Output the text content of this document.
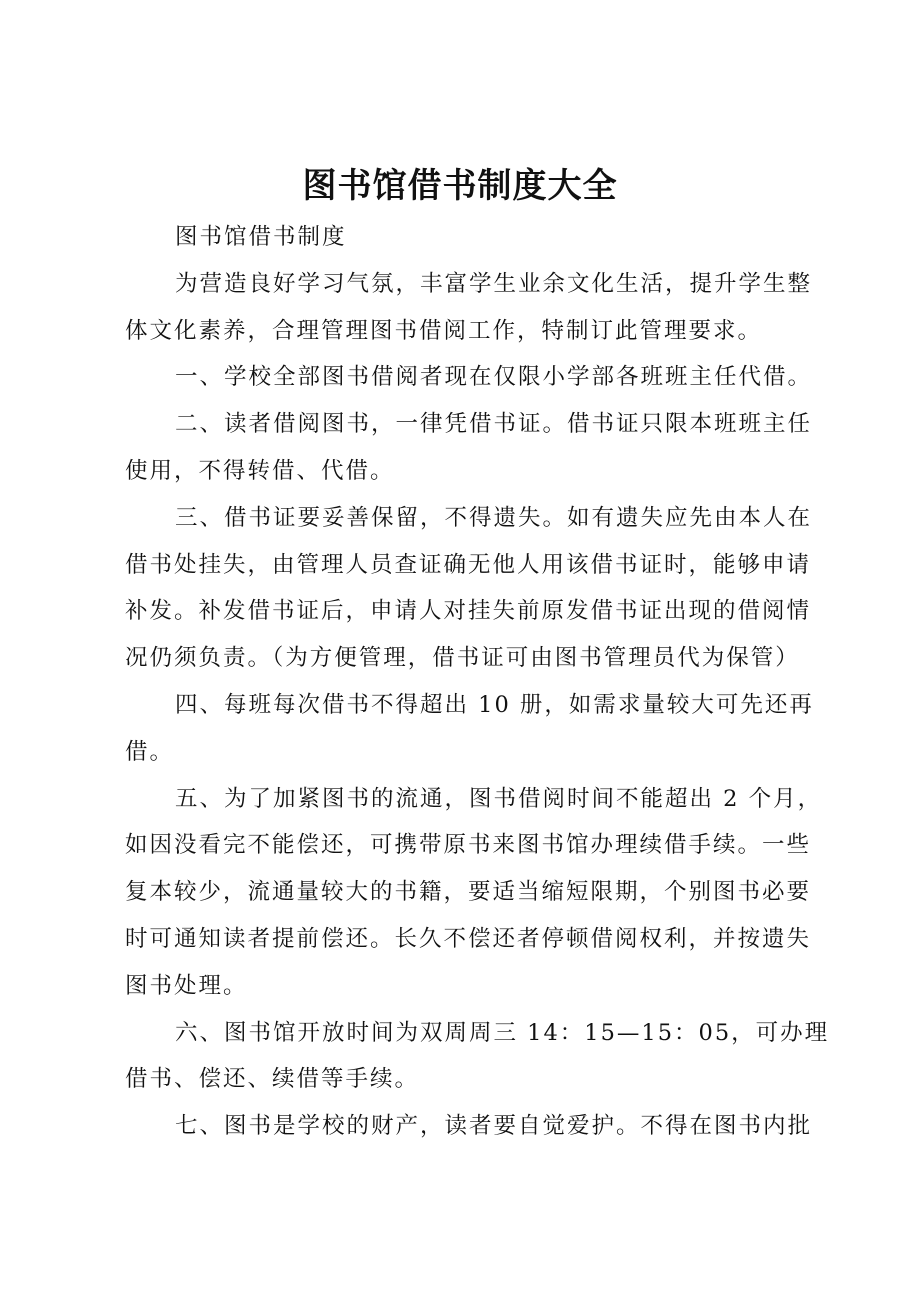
图书馆借书制度大全
图书馆借书制度
为营造良好学习气氛，丰富学生业余文化生活，提升学生整
体文化素养，合理管理图书借阅工作，特制订此管理要求。
一、学校全部图书借阅者现在仅限小学部各班班主任代借。
二、读者借阅图书，一律凭借书证。借书证只限本班班主任
使用，不得转借、代借。
三、借书证要妥善保留，不得遗失。如有遗失应先由本人在
借书处挂失，由管理人员查证确无他人用该借书证时，能够申请
补发。补发借书证后，申请人对挂失前原发借书证出现的借阅情
况仍须负责。（为方便管理，借书证可由图书管理员代为保管）
四、每班每次借书不得超出 10 册，如需求量较大可先还再
借。
五、为了加紧图书的流通，图书借阅时间不能超出 2 个月，
如因没看完不能偿还，可携带原书来图书馆办理续借手续。一些
复本较少，流通量较大的书籍，要适当缩短限期，个别图书必要
时可通知读者提前偿还。长久不偿还者停顿借阅权利，并按遗失
图书处理。
六、图书馆开放时间为双周周三 14：15—15：05，可办理
借书、偿还、续借等手续。
七、图书是学校的财产，读者要自觉爱护。不得在图书内批
